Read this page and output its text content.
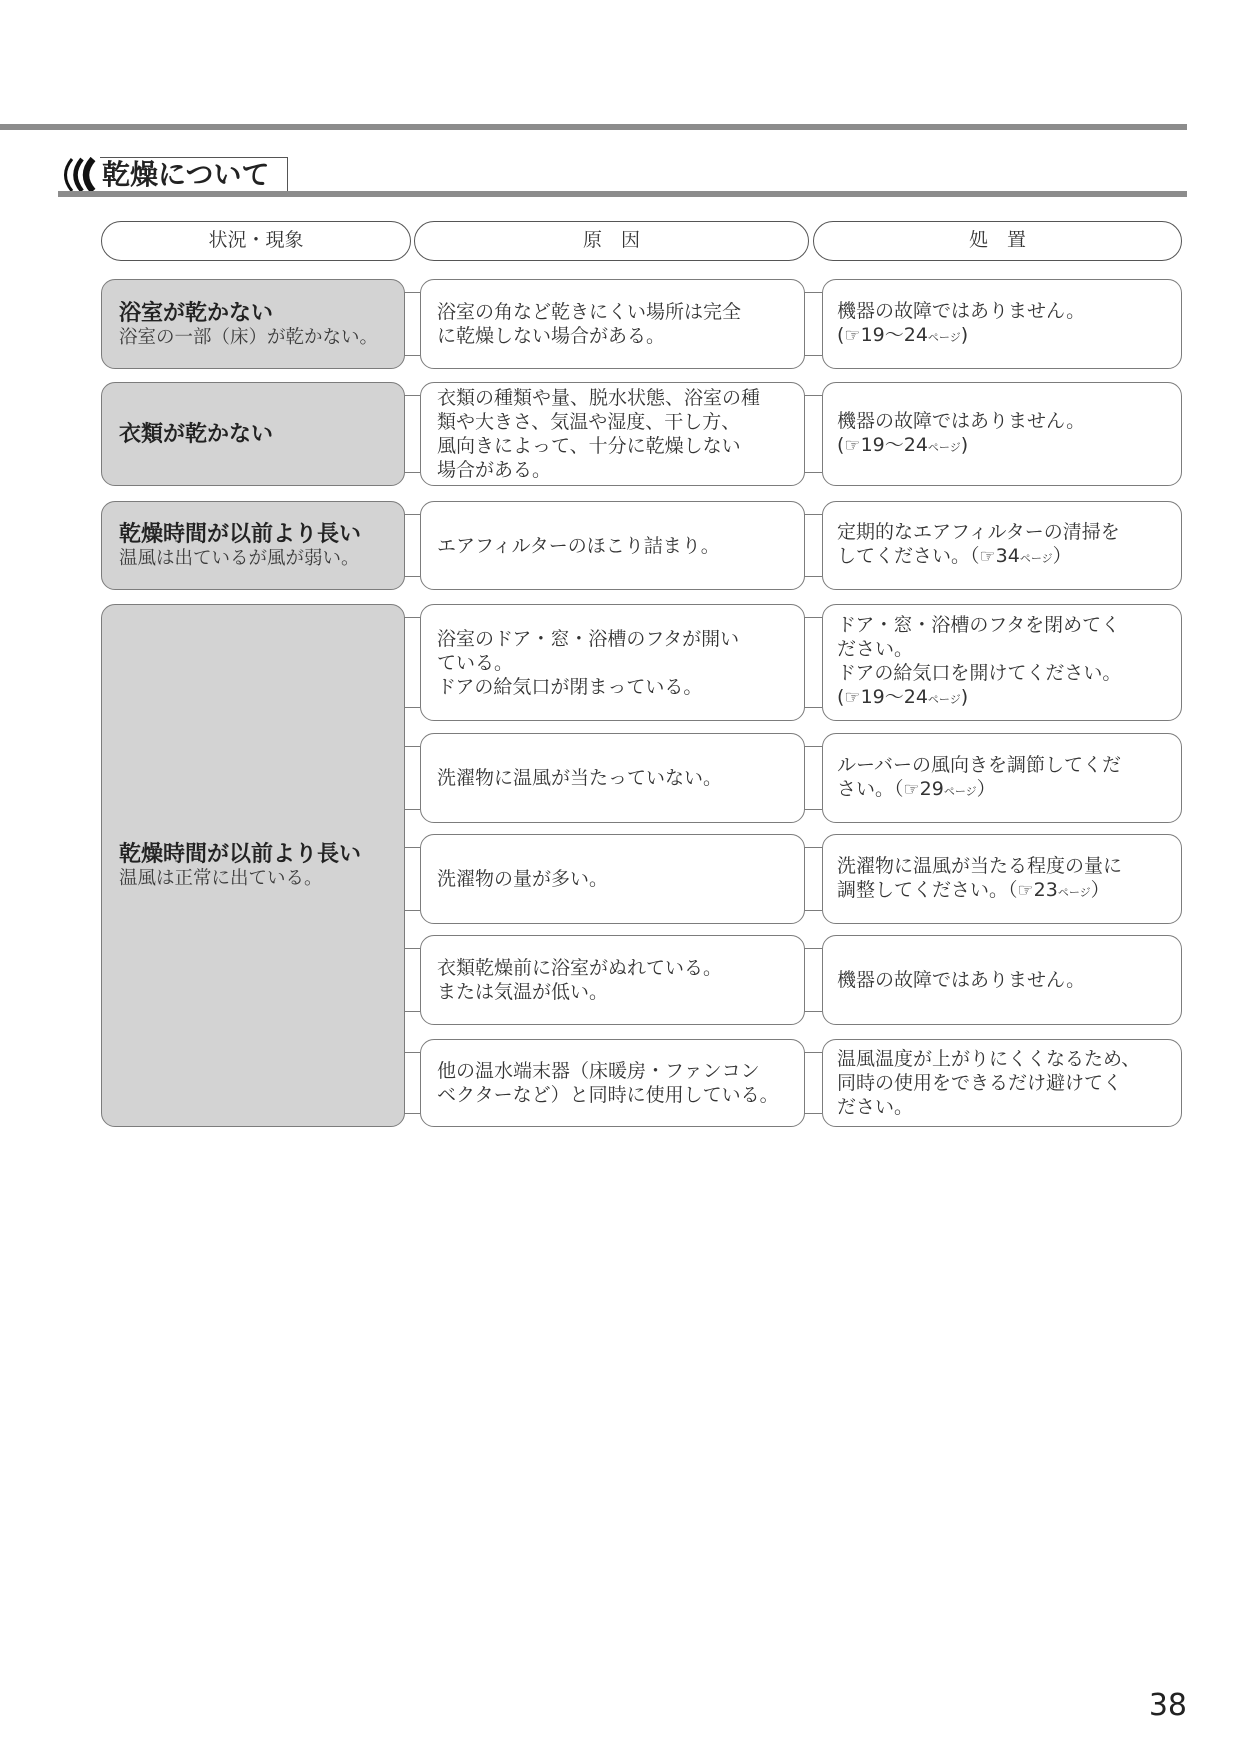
乾燥について
状況・現象	原　因	処　置
浴室が乾かない
浴室の一部（床）が乾かない。
浴室の角など乾きにくい場所は完全
に乾燥しない場合がある。
機器の故障ではありません。
(☞19〜24ページ)
衣類が乾かない
衣類の種類や量、脱水状態、浴室の種
類や大きさ、気温や湿度、干し方、
風向きによって、十分に乾燥しない
場合がある。
機器の故障ではありません。
(☞19〜24ページ)
乾燥時間が以前より長い
温風は出ているが風が弱い。
エアフィルターのほこり詰まり。
定期的なエアフィルターの清掃を
してください。（☞34ページ）
乾燥時間が以前より長い
温風は正常に出ている。
浴室のドア・窓・浴槽のフタが開い
ている。
ドアの給気口が閉まっている。
ドア・窓・浴槽のフタを閉めてく
ださい。
ドアの給気口を開けてください。
(☞19〜24ページ)
洗濯物に温風が当たっていない。
ルーバーの風向きを調節してくだ
さい。（☞29ページ）
洗濯物の量が多い。
洗濯物に温風が当たる程度の量に
調整してください。（☞23ページ）
衣類乾燥前に浴室がぬれている。
または気温が低い。
機器の故障ではありません。
他の温水端末器（床暖房・ファンコン
ベクターなど）と同時に使用している。
温風温度が上がりにくくなるため、
同時の使用をできるだけ避けてく
ださい。
38
